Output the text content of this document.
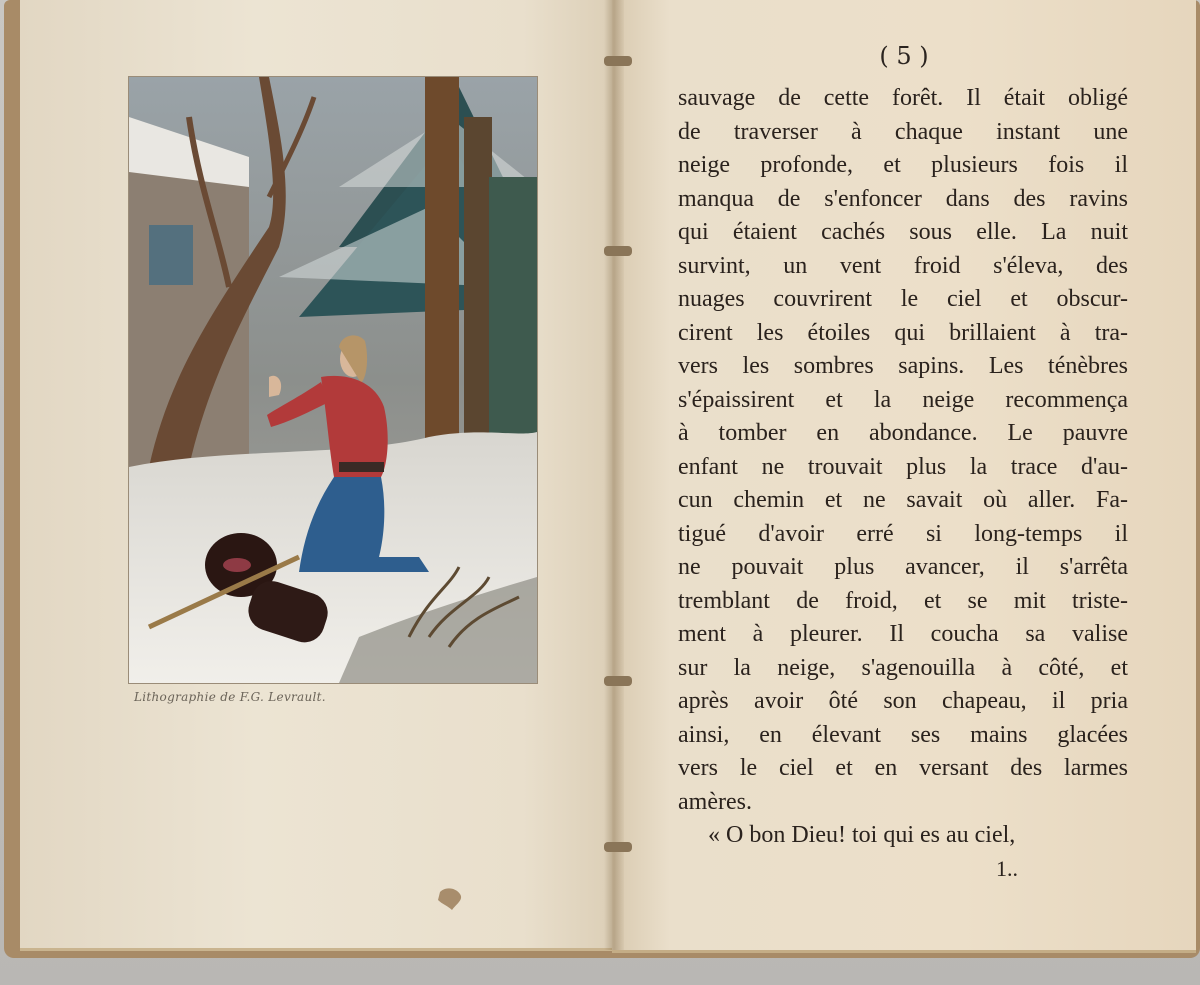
Lithographie de F.G. Levrault.
( 5 )
sauvage de cette forêt. Il était obligé
de traverser à chaque instant une
neige profonde, et plusieurs fois il
manqua de s'enfoncer dans des ravins
qui étaient cachés sous elle. La nuit
survint, un vent froid s'éleva, des
nuages couvrirent le ciel et obscur-
cirent les étoiles qui brillaient à tra-
vers les sombres sapins. Les ténèbres
s'épaissirent et la neige recommença
à tomber en abondance. Le pauvre
enfant ne trouvait plus la trace d'au-
cun chemin et ne savait où aller. Fa-
tigué d'avoir erré si long-temps il
ne pouvait plus avancer, il s'arrêta
tremblant de froid, et se mit triste-
ment à pleurer. Il coucha sa valise
sur la neige, s'agenouilla à côté, et
après avoir ôté son chapeau, il pria
ainsi, en élevant ses mains glacées
vers le ciel et en versant des larmes
amères.
« O bon Dieu! toi qui es au ciel,
1..
